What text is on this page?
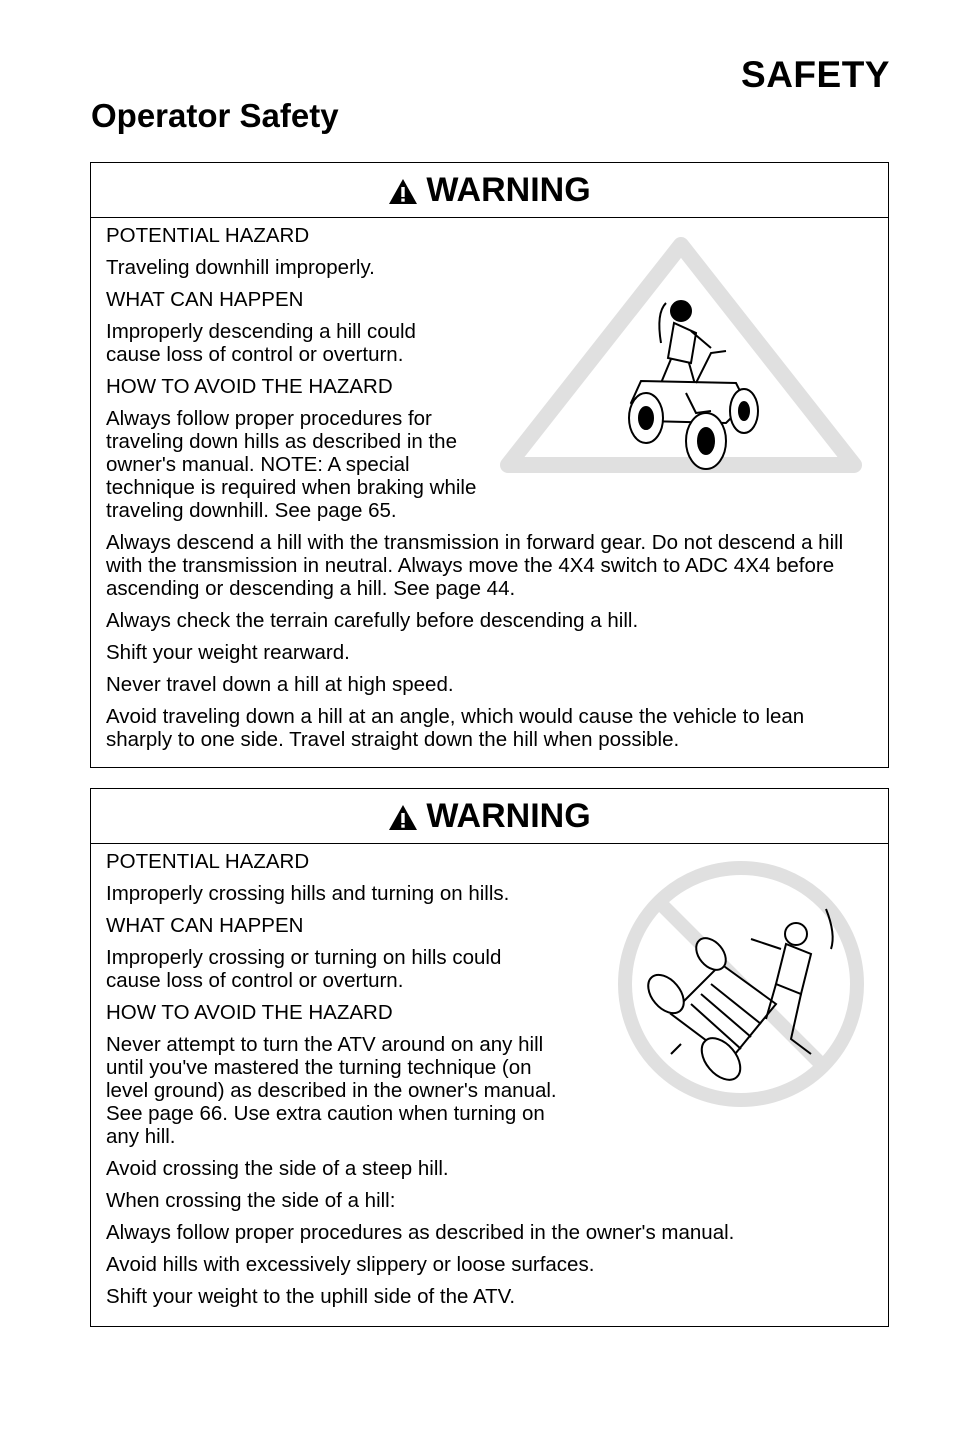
SAFETY
Operator Safety
WARNING

POTENTIAL HAZARD

Traveling downhill improperly.

WHAT CAN HAPPEN

Improperly descending a hill could cause loss of control or overturn.

HOW TO AVOID THE HAZARD

Always follow proper procedures for traveling down hills as described in the owner's manual. NOTE: A special technique is required when braking while traveling downhill. See page 65.

Always descend a hill with the transmission in forward gear. Do not descend a hill with the transmission in neutral. Always move the 4X4 switch to ADC 4X4 before ascending or descending a hill. See page 44.

Always check the terrain carefully before descending a hill.

Shift your weight rearward.

Never travel down a hill at high speed.

Avoid traveling down a hill at an angle, which would cause the vehicle to lean sharply to one side. Travel straight down the hill when possible.

WARNING

POTENTIAL HAZARD

Improperly crossing hills and turning on hills.

WHAT CAN HAPPEN

Improperly crossing or turning on hills could cause loss of control or overturn.

HOW TO AVOID THE HAZARD

Never attempt to turn the ATV around on any hill until you've mastered the turning technique (on level ground) as described in the owner's manual. See page 66. Use extra caution when turning on any hill.

Avoid crossing the side of a steep hill.

When crossing the side of a hill:

Always follow proper procedures as described in the owner's manual.

Avoid hills with excessively slippery or loose surfaces.

Shift your weight to the uphill side of the ATV.
